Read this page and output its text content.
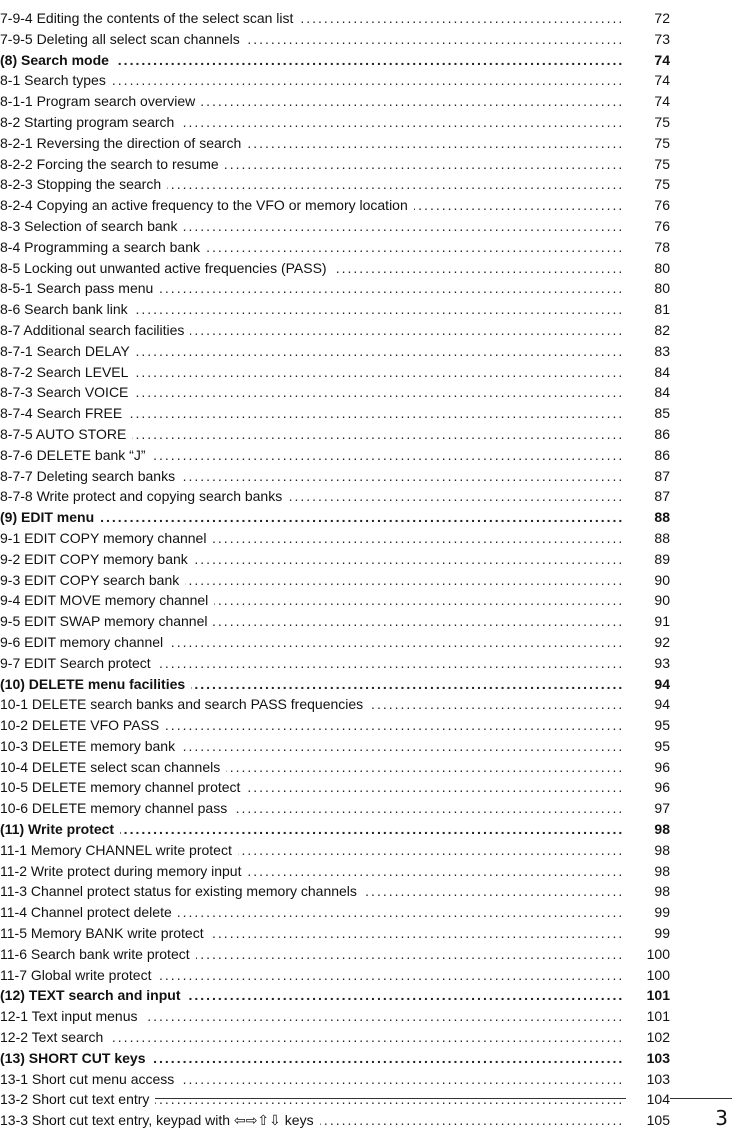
.....
7-9-4 Editing the contents of the select scan list	72
.....
7-9-5 Deleting all select scan channels	73
.....
(8) Search mode	74
.....
8-1 Search types	74
.....
8-1-1 Program search overview	74
.....
8-2 Starting program search	75
.....
8-2-1 Reversing the direction of search	75
.....
8-2-2 Forcing the search to resume	75
.....
8-2-3 Stopping the search	75
.....
8-2-4 Copying an active frequency to the VFO or memory location	76
.....
8-3 Selection of search bank	76
.....
8-4 Programming a search bank	78
.....
8-5 Locking out unwanted active frequencies (PASS)	80
.....
8-5-1 Search pass menu	80
.....
8-6 Search bank link	81
.....
8-7 Additional search facilities	82
.....
8-7-1 Search DELAY	83
.....
8-7-2 Search LEVEL	84
.....
8-7-3 Search VOICE	84
.....
8-7-4 Search FREE	85
.....
8-7-5 AUTO STORE	86
.....
8-7-6 DELETE bank “J”	86
.....
8-7-7 Deleting search banks	87
.....
8-7-8 Write protect and copying search banks	87
.....
(9) EDIT menu	88
.....
9-1 EDIT COPY memory channel	88
.....
9-2 EDIT COPY memory bank	89
.....
9-3 EDIT COPY search bank	90
.....
9-4 EDIT MOVE memory channel	90
.....
9-5 EDIT SWAP memory channel	91
.....
9-6 EDIT memory channel	92
.....
9-7 EDIT Search protect	93
.....
(10) DELETE menu facilities	94
.....
10-1 DELETE search banks and search PASS frequencies	94
.....
10-2 DELETE VFO PASS	95
.....
10-3 DELETE memory bank	95
.....
10-4 DELETE select scan channels	96
.....
10-5 DELETE memory channel protect	96
.....
10-6 DELETE memory channel pass	97
.....
(11) Write protect	98
.....
11-1 Memory CHANNEL write protect	98
.....
11-2 Write protect during memory input	98
.....
11-3 Channel protect status for existing memory channels	98
.....
11-4 Channel protect delete	99
.....
11-5 Memory BANK write protect	99
.....
11-6 Search bank write protect	100
.....
11-7 Global write protect	100
.....
(12) TEXT search and input	101
.....
12-1 Text input menus	101
.....
12-2 Text search	102
.....
(13) SHORT CUT keys	103
.....
13-1 Short cut menu access	103
.....
13-2 Short cut text entry	104
.....
13-3 Short cut text entry, keypad with ⇦⇨⇧⇩ keys	105 3
